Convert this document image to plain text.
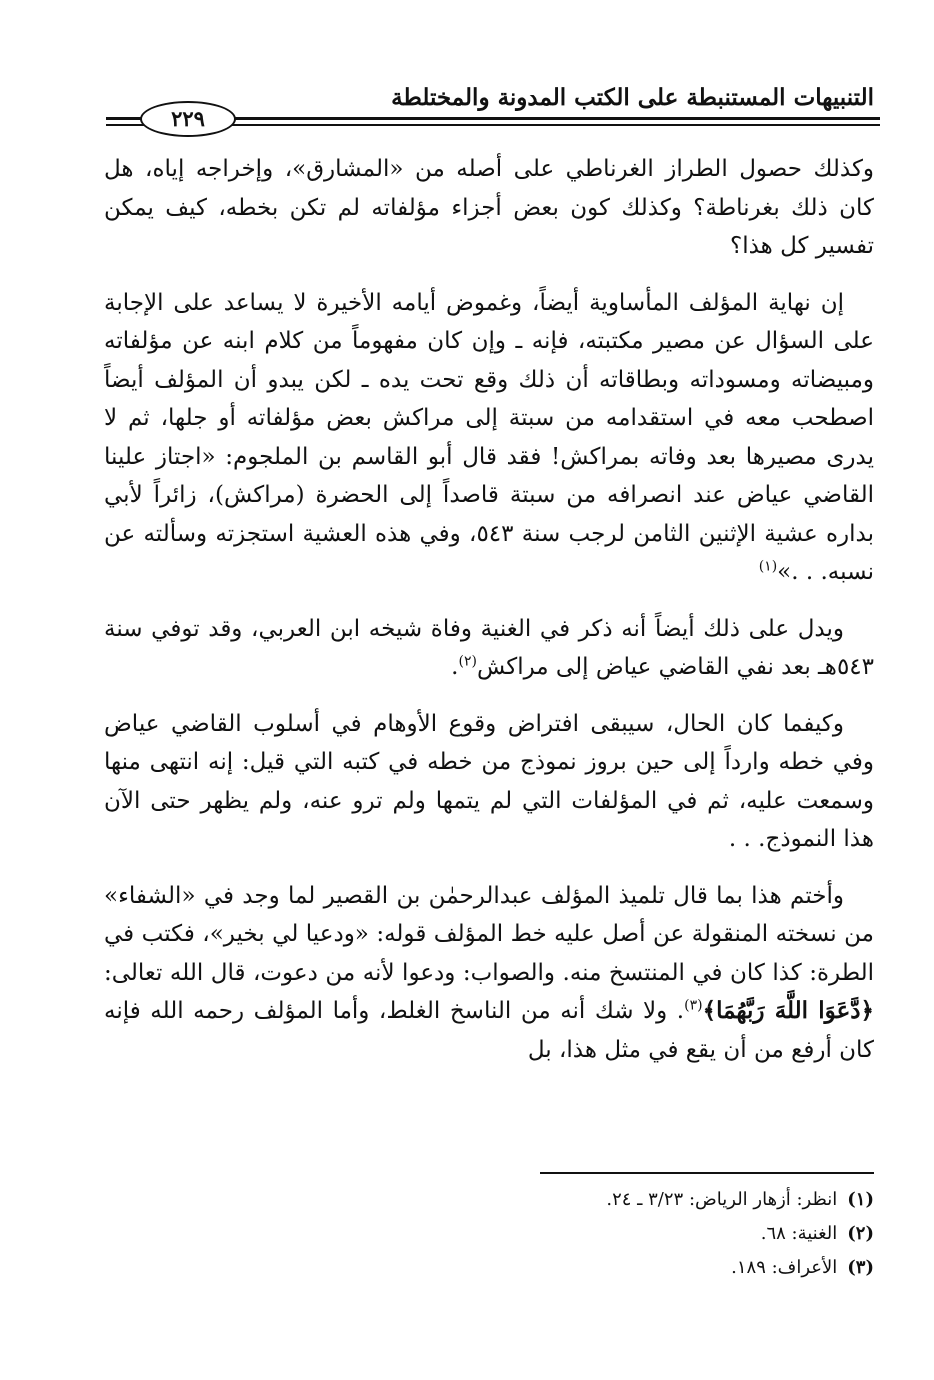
التنبيهات المستنبطة على الكتب المدونة والمختلطة
٢٢٩

وكذلك حصول الطراز الغرناطي على أصله من «المشارق»، وإخراجه إياه، هل كان ذلك بغرناطة؟ وكذلك كون بعض أجزاء مؤلفاته لم تكن بخطه، كيف يمكن تفسير كل هذا؟

إن نهاية المؤلف المأساوية أيضاً، وغموض أيامه الأخيرة لا يساعد على الإجابة على السؤال عن مصير مكتبته، فإنه ـ وإن كان مفهوماً من كلام ابنه عن مؤلفاته ومبيضاته ومسوداته وبطاقاته أن ذلك وقع تحت يده ـ لكن يبدو أن المؤلف أيضاً اصطحب معه في استقدامه من سبتة إلى مراكش بعض مؤلفاته أو جلها، ثم لا يدرى مصيرها بعد وفاته بمراكش! فقد قال أبو القاسم بن الملجوم: «اجتاز علينا القاضي عياض عند انصرافه من سبتة قاصداً إلى الحضرة (مراكش)، زائراً لأبي بداره عشية الإثنين الثامن لرجب سنة ٥٤٣، وفي هذه العشية استجزته وسألته عن نسبه. . .»$^{(١)}$

ويدل على ذلك أيضاً أنه ذكر في الغنية وفاة شيخه ابن العربي، وقد توفي سنة ٥٤٣هـ بعد نفي القاضي عياض إلى مراكش$^{(٢)}$.

وكيفما كان الحال، سيبقى افتراض وقوع الأوهام في أسلوب القاضي عياض وفي خطه وارداً إلى حين بروز نموذج من خطه في كتبه التي قيل: إنه انتهى منها وسمعت عليه، ثم في المؤلفات التي لم يتمها ولم ترو عنه، ولم يظهر حتى الآن هذا النموذج. . .

وأختم هذا بما قال تلميذ المؤلف عبدالرحمٰن بن القصير لما وجد في «الشفاء» من نسخته المنقولة عن أصل عليه خط المؤلف قوله: «ودعيا لي بخير»، فكتب في الطرة: كذا كان في المنتسخ منه. والصواب: ودعوا لأنه من دعوت، قال الله تعالى: ﴿دَّعَوَا اللَّهَ رَبَّهُمَا﴾$^{(٣)}$. ولا شك أنه من الناسخ الغلط، وأما المؤلف رحمه الله فإنه كان أرفع من أن يقع في مثل هذا، بل

(١)انظر: أزهار الرياض: ٣/٢٣ ـ ٢٤.

(٢)الغنية: ٦٨.

(٣)الأعراف: ١٨٩.
